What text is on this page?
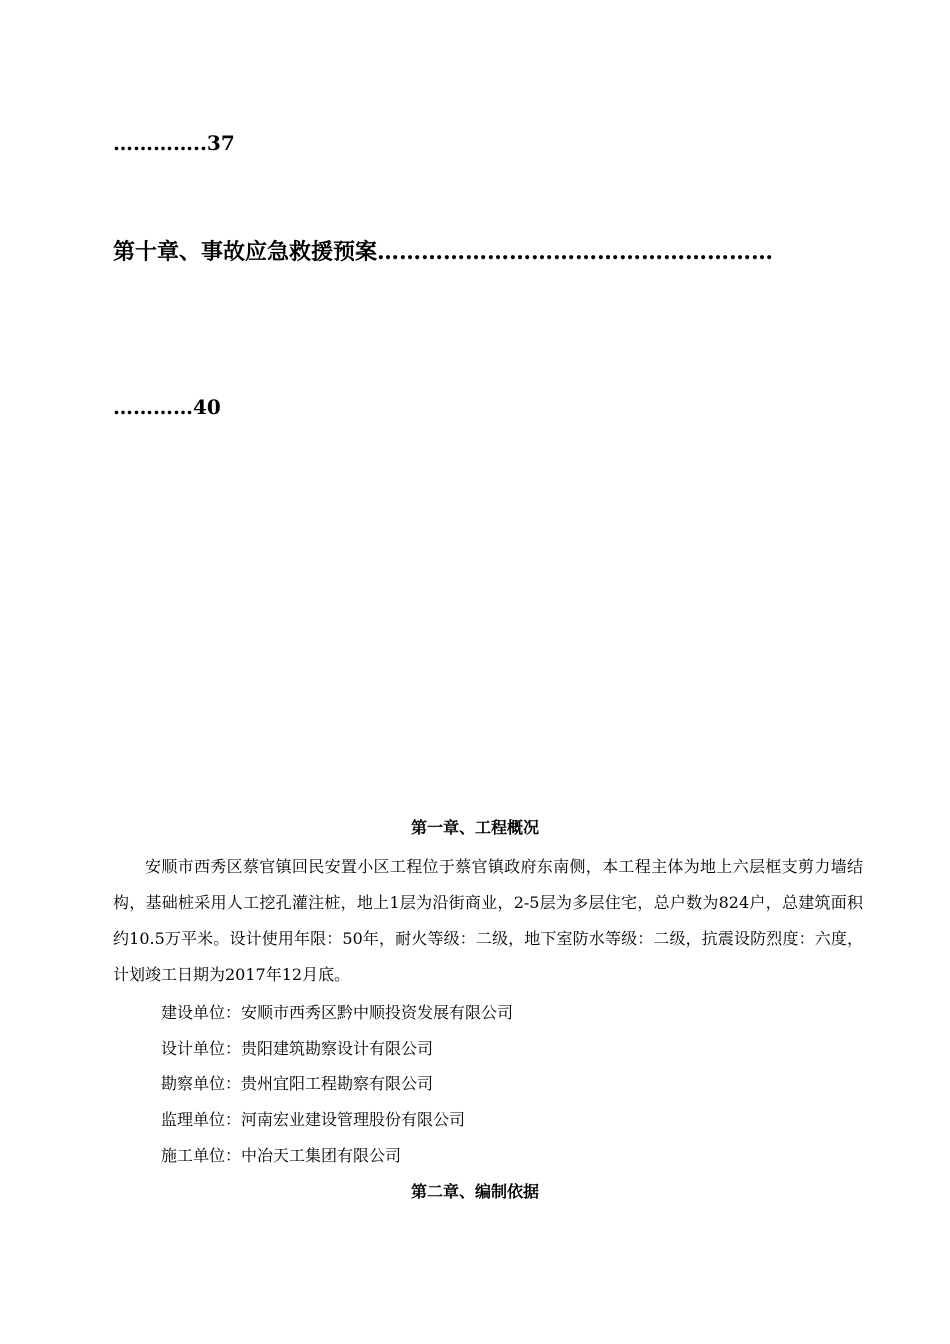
…………..37

第十章、事故应急救援预案………………………………………………

…………40

第一章、工程概况

安顺市西秀区蔡官镇回民安置小区工程位于蔡官镇政府东南侧，本工程主体为地上六层框支剪力墙结构，基础桩采用人工挖孔灌注桩，地上1层为沿街商业，2-5层为多层住宅，总户数为824户，总建筑面积约10.5万平米。设计使用年限：50年，耐火等级：二级，地下室防水等级：二级，抗震设防烈度：六度，计划竣工日期为2017年12月底。

建设单位：安顺市西秀区黔中顺投资发展有限公司

设计单位：贵阳建筑勘察设计有限公司

勘察单位：贵州宜阳工程勘察有限公司

监理单位：河南宏业建设管理股份有限公司

施工单位：中冶天工集团有限公司

第二章、编制依据
